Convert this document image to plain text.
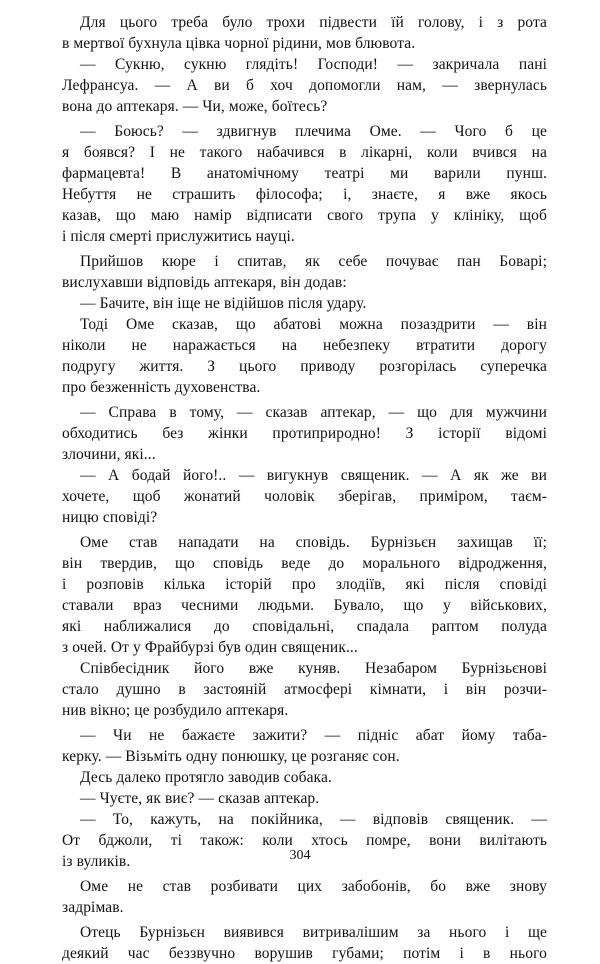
Для цього треба було трохи підвести їй голову, і з рота
в мертвої бухнула цівка чорної рідини, мов блювота.
— Сукню, сукню глядіть! Господи! — закричала пані
Лефрансуа. — А ви б хоч допомогли нам, — звернулась
вона до аптекаря. — Чи, може, боїтесь?
— Боюсь? — здвигнув плечима Оме. — Чого б це
я боявся? І не такого набачився в лікарні, коли вчився на
фармацевта! В анатомічному театрі ми варили пунш.
Небуття не страшить філософа; і, знаєте, я вже якось
казав, що маю намір відписати свого трупа у клініку, щоб
і після смерті прислужитись науці.
Прийшов кюре і спитав, як себе почуває пан Боварі;
вислухавши відповідь аптекаря, він додав:
— Бачите, він іще не відійшов після удару.
Тоді Оме сказав, що абатові можна позаздрити — він
ніколи не наражається на небезпеку втратити дорогу
подругу життя. З цього приводу розгорілась суперечка
про безженність духовенства.
— Справа в тому, — сказав аптекар, — що для мужчини
обходитись без жінки протиприродно! З історії відомі
злочини, які...
— А бодай його!.. — вигукнув священик. — А як же ви
хочете, щоб жонатий чоловік зберігав, приміром, таєм-
ницю сповіді?
Оме став нападати на сповідь. Бурнізьєн захищав її;
він твердив, що сповідь веде до морального відродження,
і розповів кілька історій про злодіїв, які після сповіді
ставали враз чесними людьми. Бувало, що у військових,
які наближалися до сповідальні, спадала раптом полуда
з очей. От у Фрайбурзі був один священик...
Співбесідник його вже куняв. Незабаром Бурнізьєнові
стало душно в застояній атмосфері кімнати, і він розчи-
нив вікно; це розбудило аптекаря.
— Чи не бажаєте зажити? — підніс абат йому таба-
керку. — Візьміть одну понюшку, це розганяє сон.
Десь далеко протягло заводив собака.
— Чуєте, як виє? — сказав аптекар.
— То, кажуть, на покійника, — відповів священик. —
От бджоли, ті також: коли хтось помре, вони вилітають
із вуликів.
Оме не став розбивати цих забобонів, бо вже знову
задрімав.
Отець Бурнізьєн виявився витривалішим за нього і ще
деякий час беззвучно ворушив губами; потім і в нього
304
